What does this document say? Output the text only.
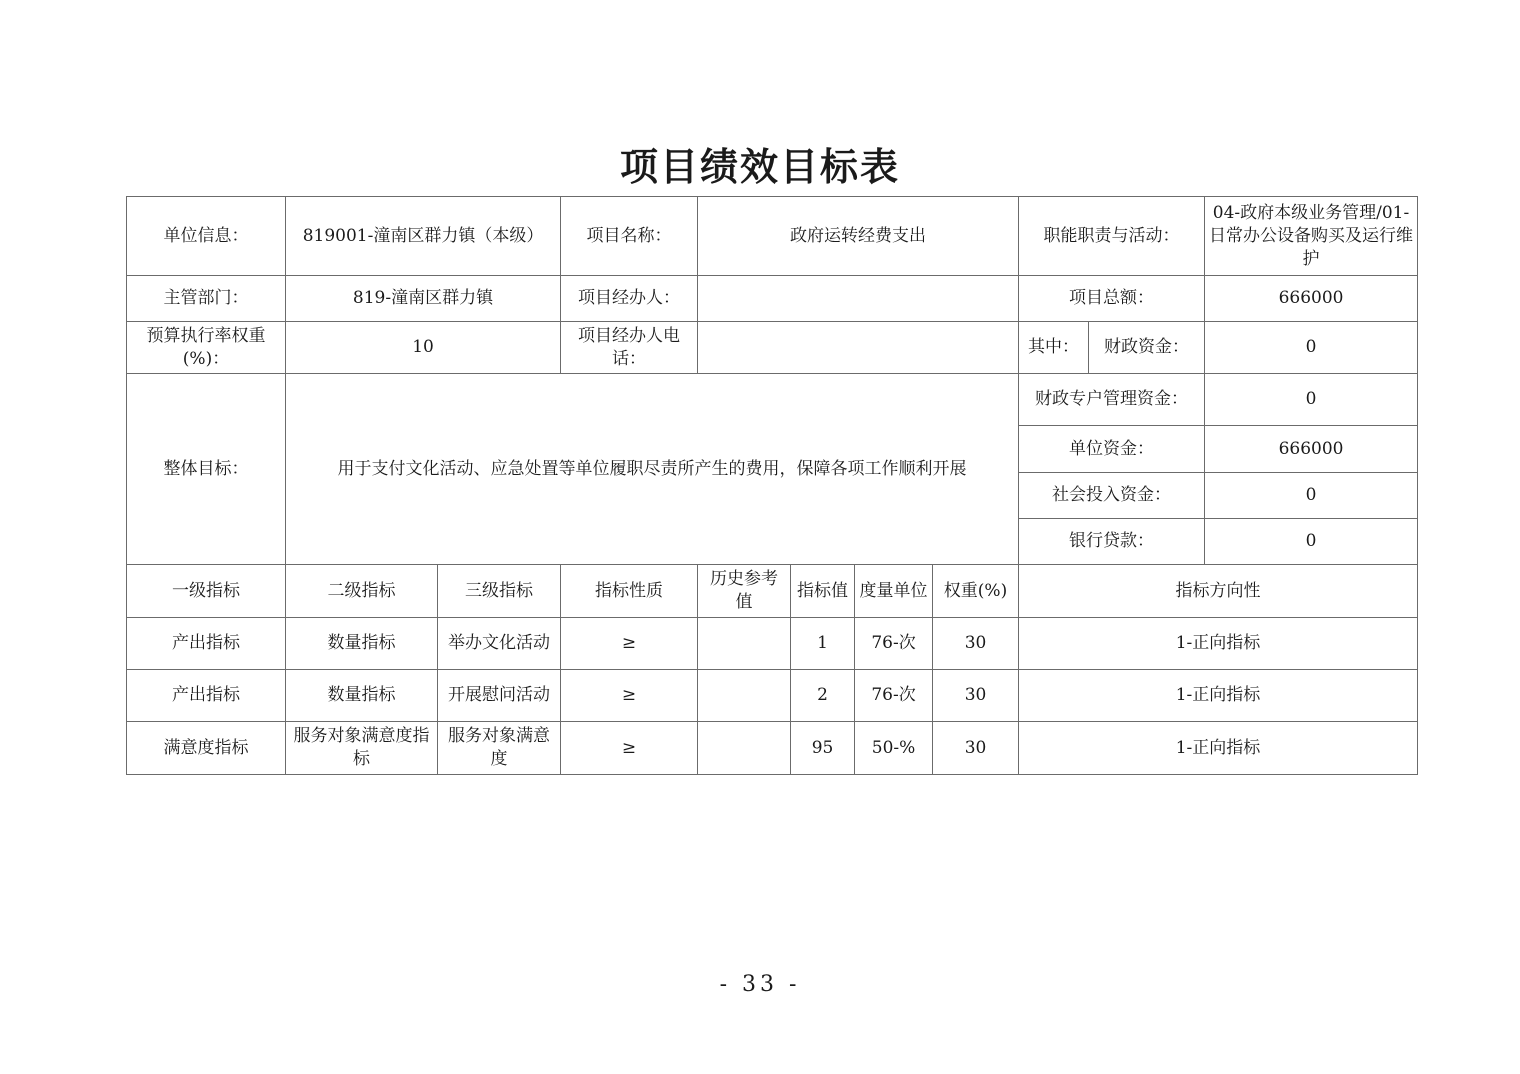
项目绩效目标表
单位信息：	819001-潼南区群力镇（本级）		项目名称：	政府运转经费支出				职能职责与活动：		04-政府本级业务管理/01-日常办公设备购买及运行维护
主管部门：	819-潼南区群力镇		项目经办人：					项目总额：		666000
预算执行率权重(%)：	10		项目经办人电话：					其中：	财政资金：	0
整体目标：	用于支付文化活动、应急处置等单位履职尽责所产生的费用，保障各项工作顺利开展							财政专户管理资金：		0
								单位资金：		666000
								社会投入资金：		0
								银行贷款：		0
一级指标	二级指标	三级指标	指标性质	历史参考值	指标值	度量单位	权重(%)	指标方向性		
产出指标	数量指标	举办文化活动	≥		1	76-次	30	1-正向指标		
产出指标	数量指标	开展慰问活动	≥		2	76-次	30	1-正向指标		
满意度指标	服务对象满意度指标	服务对象满意度	≥		95	50-%	30	1-正向指标		
- 33 -
